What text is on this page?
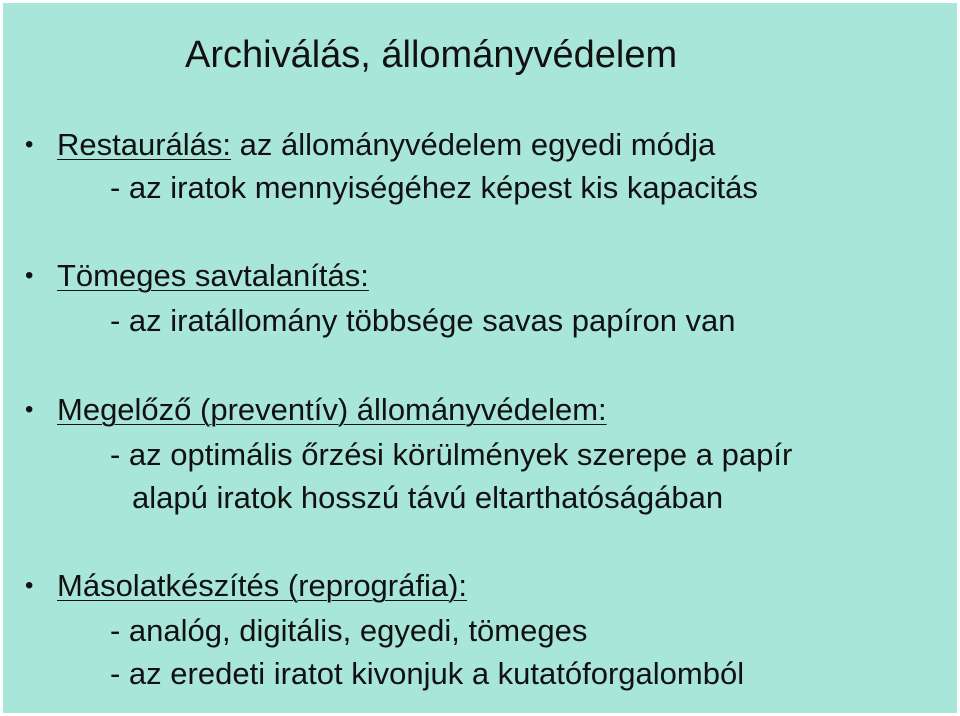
Archiválás, állományvédelem
• Restaurálás: az állományvédelem egyedi módja
- az iratok mennyiségéhez képest kis kapacitás
• Tömeges savtalanítás:
- az iratállomány többsége savas papíron van
• Megelőző (preventív) állományvédelem:
- az optimális őrzési körülmények szerepe a papír
alapú iratok hosszú távú eltarthatóságában
• Másolatkészítés (reprográfia):
- analóg, digitális, egyedi, tömeges
- az eredeti iratot kivonjuk a kutatóforgalomból
